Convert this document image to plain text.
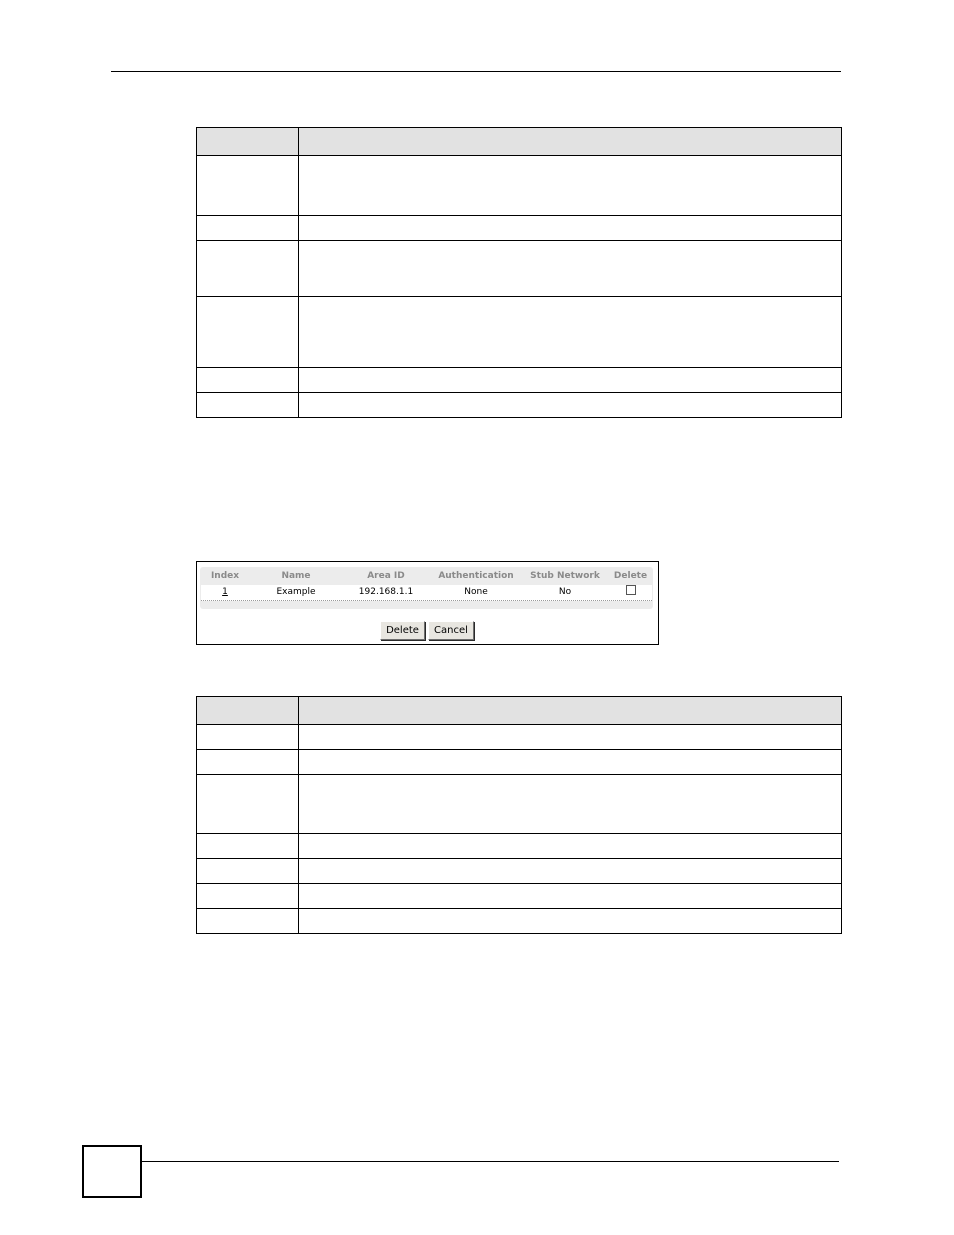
Index	Name	Area ID	Authentication	Stub Network	Delete
1	Example	192.168.1.1	None	No
Delete	Cancel
